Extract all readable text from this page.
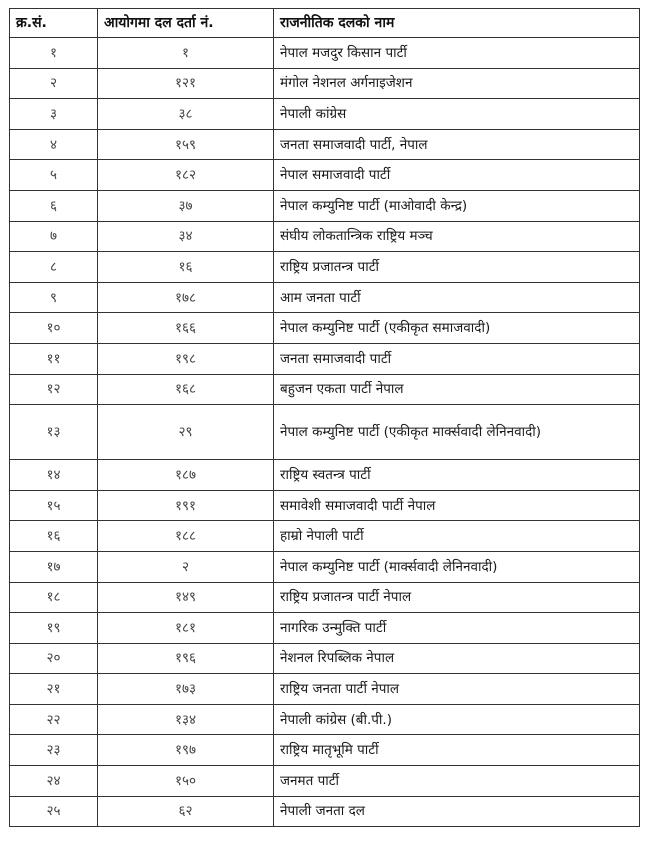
क्र.सं.	आयोगमा दल दर्ता नं.	राजनीतिक दलको नाम
१	१	नेपाल मजदुर किसान पार्टी
२	१२१	मंगोल नेशनल अर्गनाइजेशन
३	३८	नेपाली कांग्रेस
४	१५९	जनता समाजवादी पार्टी, नेपाल
५	१८२	नेपाल समाजवादी पार्टी
६	३७	नेपाल कम्युनिष्ट पार्टी (माओवादी केन्द्र)
७	३४	संघीय लोकतान्त्रिक राष्ट्रिय मञ्च
८	१६	राष्ट्रिय प्रजातन्त्र पार्टी
९	१७८	आम जनता पार्टी
१०	१६६	नेपाल कम्युनिष्ट पार्टी (एकीकृत समाजवादी)
११	१९८	जनता समाजवादी पार्टी
१२	१६८	बहुजन एकता पार्टी नेपाल
१३	२९	नेपाल कम्युनिष्ट पार्टी (एकीकृत मार्क्सवादी लेनिनवादी)
१४	१८७	राष्ट्रिय स्वतन्त्र पार्टी
१५	१९१	समावेशी समाजवादी पार्टी नेपाल
१६	१८८	हाम्रो नेपाली पार्टी
१७	२	नेपाल कम्युनिष्ट पार्टी (मार्क्सवादी लेनिनवादी)
१८	१४९	राष्ट्रिय प्रजातन्त्र पार्टी नेपाल
१९	१८१	नागरिक उन्मुक्ति पार्टी
२०	१९६	नेशनल रिपब्लिक नेपाल
२१	१७३	राष्ट्रिय जनता पार्टी नेपाल
२२	१३४	नेपाली कांग्रेस (बी.पी.)
२३	१९७	राष्ट्रिय मातृभूमि पार्टी
२४	१५०	जनमत पार्टी
२५	६२	नेपाली जनता दल
